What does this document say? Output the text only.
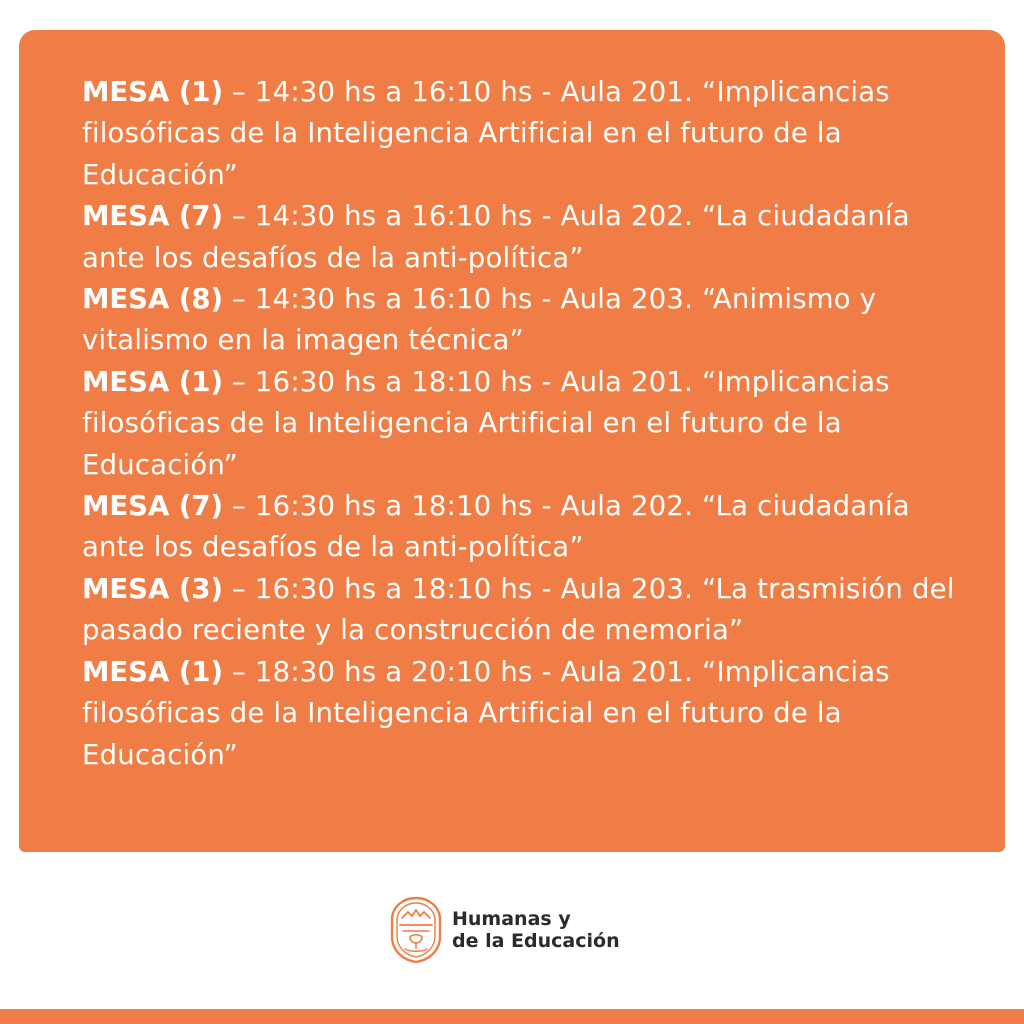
MESA (1) – 14:30 hs a 16:10 hs - Aula 201. “Implicancias filosóficas de la Inteligencia Artificial en el futuro de la Educación”

MESA (7) – 14:30 hs a 16:10 hs - Aula 202. “La ciudadanía ante los desafíos de la anti-política”

MESA (8) – 14:30 hs a 16:10 hs - Aula 203. “Animismo y vitalismo en la imagen técnica”

MESA (1) – 16:30 hs a 18:10 hs - Aula 201. “Implicancias filosóficas de la Inteligencia Artificial en el futuro de la Educación”

MESA (7) – 16:30 hs a 18:10 hs - Aula 202. “La ciudadanía ante los desafíos de la anti-política”

MESA (3) – 16:30 hs a 18:10 hs - Aula 203. “La trasmisión del pasado reciente y la construcción de memoria”

MESA (1) – 18:30 hs a 20:10 hs - Aula 201. “Implicancias filosóficas de la Inteligencia Artificial en el futuro de la Educación”

Humanas y
de la Educación
